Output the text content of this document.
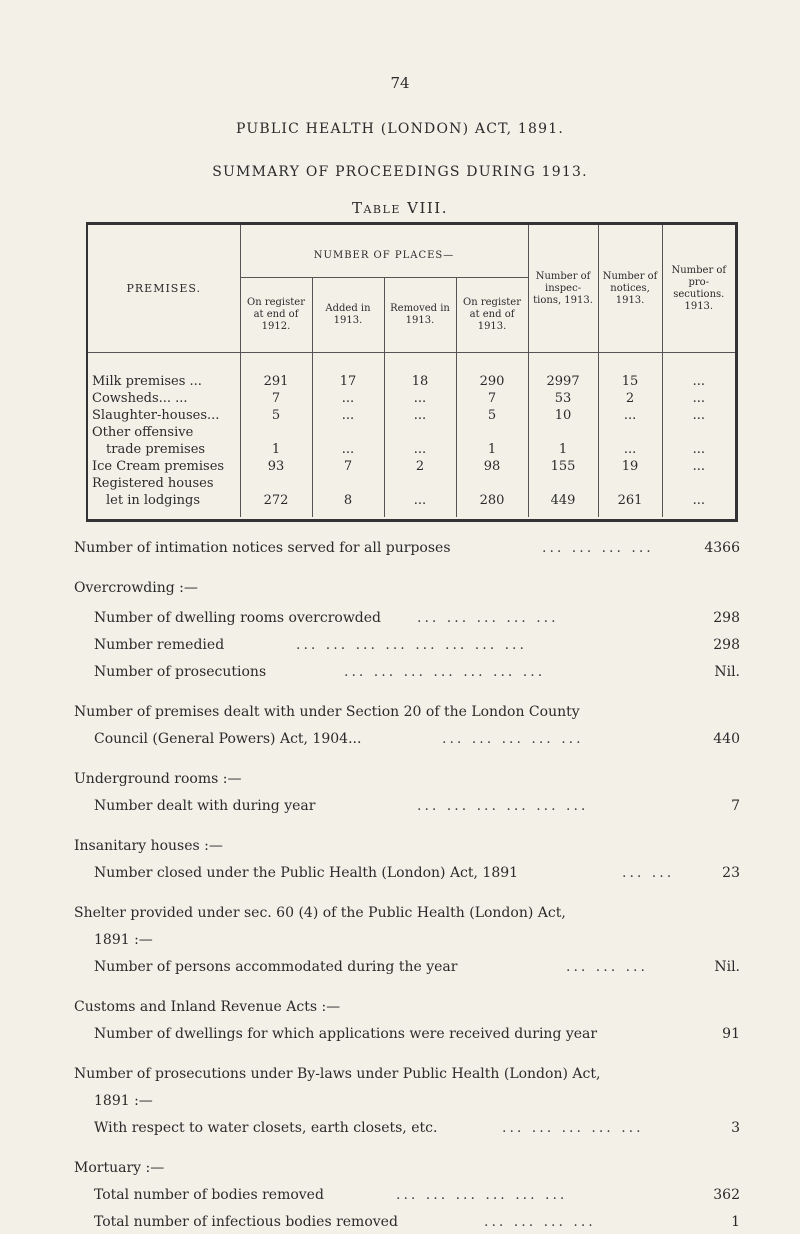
74
PUBLIC HEALTH (LONDON) ACT, 1891.
SUMMARY OF PROCEEDINGS DURING 1913.
Table VIII.
PREMISES.	NUMBER OF PLACES—				Number of inspec- tions, 1913.	Number of notices, 1913.	Number of pro- secutions. 1913.
	On register at end of 1912.	Added in 1913.	Removed in 1913.	On register at end of 1913.			

Milk premises ...	291	17	18	290	2997	15	...

Cowsheds... ...	7	...	...	7	53	2	...

Slaughter-houses...	5	...	...	5	10	...	...

Other offensive
trade premises	1	...	...	1	1	...	...

Ice Cream premises	93	7	2	98	155	19	...

Registered houses
let in lodgings	272	8	...	280	449	261	...

Number of intimation notices served for all purposes	... ... ... ...	4366
Overcrowding :—
Number of dwelling rooms overcrowded	... ... ... ... ...	298
Number remedied	... ... ... ... ... ... ... ...	298
Number of prosecutions	... ... ... ... ... ... ...	Nil.
Number of premises dealt with under Section 20 of the London County
Council (General Powers) Act, 1904...	... ... ... ... ...	440
Underground rooms :—
Number dealt with during year	... ... ... ... ... ...	7
Insanitary houses :—
Number closed under the Public Health (London) Act, 1891	... ...	23
Shelter provided under sec. 60 (4) of the Public Health (London) Act,
1891 :—
Number of persons accommodated during the year	... ... ...	Nil.
Customs and Inland Revenue Acts :—
Number of dwellings for which applications were received during year	91
Number of prosecutions under By-laws under Public Health (London) Act,
1891 :—
With respect to water closets, earth closets, etc.	... ... ... ... ...	3
Mortuary :—
Total number of bodies removed	... ... ... ... ... ...	362
Total number of infectious bodies removed	... ... ... ...	1
